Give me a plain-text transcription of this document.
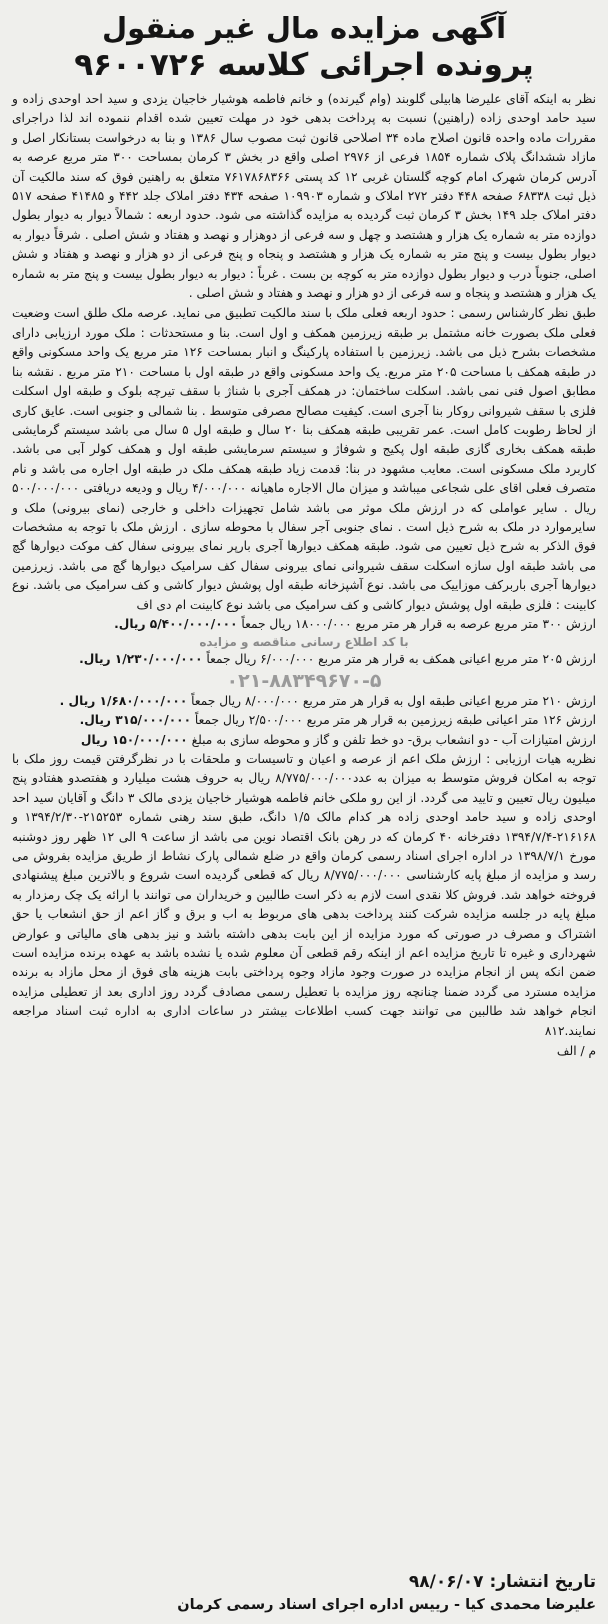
آگهی مزایده مال غیر منقول
پرونده اجرائی کلاسه ۹۶۰۰۷۲۶

نظر به اینکه آقای علیرضا هابیلی گلوبند (وام گیرنده) و خانم فاطمه هوشیار خاجیان یزدی و سید احد اوحدی زاده و سید حامد اوحدی زاده (راهنین) نسبت به پرداخت بدهی خود در مهلت تعیین شده اقدام ننموده اند لذا دراجرای مقررات ماده واحده قانون اصلاح ماده ۳۴ اصلاحی قانون ثبت مصوب سال ۱۳۸۶ و بنا به درخواست بستانکار اصل و مازاد ششدانگ پلاک شماره ۱۸۵۴ فرعی از ۲۹۷۶ اصلی واقع در بخش ۳ کرمان بمساحت ۳۰۰ متر مربع عرصه به آدرس کرمان شهرک امام کوچه گلستان غربی ۱۲ کد پستی ۷۶۱۷۸۶۸۳۶۶ متعلق به راهنین فوق که سند مالکیت آن ذیل ثبت ۶۸۳۳۸ صفحه ۴۴۸ دفتر ۲۷۲ املاک و شماره ۱۰۹۹۰۳ صفحه ۴۳۴ دفتر املاک جلد ۴۴۲ و ۴۱۴۸۵ صفحه ۵۱۷ دفتر املاک جلد ۱۴۹ بخش ۳ کرمان ثبت گردیده به مزایده گذاشته می شود. حدود اربعه : شمالاً دیوار به دیوار بطول دوازده متر به شماره یک هزار و هشتصد و چهل و سه فرعی از دوهزار و نهصد و هفتاد و شش اصلی . شرقاً دیوار به دیوار بطول بیست و پنج متر به شماره یک هزار و هشتصد و پنجاه و پنج فرعی از دو هزار و نهصد و هفتاد و شش اصلی، جنوباً درب و دیوار بطول دوازده متر به کوچه بن بست . غرباً : دیوار به دیوار بطول بیست و پنج متر به شماره یک هزار و هشتصد و پنجاه و سه فرعی از دو هزار و نهصد و هفتاد و شش اصلی .

طبق نظر کارشناس رسمی : حدود اربعه فعلی ملک با سند مالکیت تطبیق می نماید. عرصه ملک طلق است وضعیت فعلی ملک بصورت خانه مشتمل بر طبقه زیرزمین همکف و اول است. بنا و مستحدثات : ملک مورد ارزیابی دارای مشخصات بشرح ذیل می باشد. زیرزمین با استفاده پارکینگ و انبار بمساحت ۱۲۶ متر مربع یک واحد مسکونی واقع در طبقه همکف با مساحت ۲۰۵ متر مربع. یک واحد مسکونی واقع در طبقه اول با مساحت ۲۱۰ متر مربع . نقشه بنا مطابق اصول فنی نمی باشد. اسکلت ساختمان: در همکف آجری با شناژ با سقف تیرچه بلوک و طبقه اول اسکلت فلزی با سقف شیروانی روکار بنا آجری است. کیفیت مصالح مصرفی متوسط . بنا شمالی و جنوبی است. عایق کاری از لحاظ رطوبت کامل است. عمر تقریبی طبقه همکف بنا ۲۰ سال و طبقه اول ۵ سال می باشد سیستم گرمایشی طبقه همکف بخاری گازی طبقه اول پکیج و شوفاژ و سیستم سرمایشی طبقه اول و همکف کولر آبی می باشد. کاربرد ملک مسکونی است. معایب مشهود در بنا: قدمت زیاد طبقه همکف ملک در طبقه اول اجاره می باشد و نام متصرف فعلی اقای علی شجاعی میباشد و میزان مال الاجاره ماهیانه ۴/۰۰۰/۰۰۰ ریال و ودیعه دریافتی ۵۰۰/۰۰۰/۰۰۰ ریال . سایر عواملی که در ارزش ملک موثر می باشد شامل تجهیزات داخلی و خارجی (نمای بیرونی) ملک و سایرموارد در ملک به شرح ذیل است . نمای جنوبی آجر سفال با محوطه سازی . ارزش ملک با توجه به مشخصات فوق الذکر به شرح ذیل تعیین می شود. طبقه همکف دیوارها آجری بارپر نمای بیرونی سفال کف موکت دیوارها گچ می باشد طبقه اول سازه اسکلت سقف شیروانی نمای بیرونی سفال کف سرامیک دیوارها گچ می باشد. زیرزمین دیوارها آجری باربرکف موزاییک می باشد. نوع آشپزخانه طبقه اول پوشش دیوار کاشی و کف سرامیک می باشد. نوع کابینت : فلزی طبقه اول پوشش دیوار کاشی و کف سرامیک می باشد نوع کابینت ام دی اف

ارزش ۳۰۰ متر مربع عرصه به قرار هر متر مربع ۱۸۰۰۰/۰۰۰ ریال جمعاً ۵/۴۰۰/۰۰۰/۰۰۰ ریال.
با کد اطلاع رسانی مناقصه و مزایده
ارزش ۲۰۵ متر مربع اعیانی همکف به قرار هر متر مربع ۶/۰۰۰/۰۰۰ ریال جمعاً ۱/۲۳۰/۰۰۰/۰۰۰ ریال.
۰۲۱-۸۸۳۴۹۶۷۰-۵
ارزش ۲۱۰ متر مربع اعیانی طبقه اول به قرار هر متر مربع ۸/۰۰۰/۰۰۰ ریال جمعاً ۱/۶۸۰/۰۰۰/۰۰۰ ریال .
ارزش ۱۲۶ متر اعیانی طبقه زیرزمین به قرار هر متر مربع ۲/۵۰۰/۰۰۰ ریال جمعاً ۳۱۵/۰۰۰/۰۰۰ ریال.
ارزش امتیازات آب - دو انشعاب برق- دو خط تلفن و گاز و محوطه سازی به مبلغ ۱۵۰/۰۰۰/۰۰۰ ریال

نظریه هیات ارزیابی : ارزش ملک اعم از عرصه و اعیان و تاسیسات و ملحقات با در نظرگرفتن قیمت روز ملک با توجه به امکان فروش متوسط به میزان به عدد۸/۷۷۵/۰۰۰/۰۰۰ ریال به حروف هشت میلیارد و هفتصدو هفتادو پنج میلیون ریال تعیین و تایید می گردد. از این رو ملکی خانم فاطمه هوشیار خاجیان یزدی مالک ۳ دانگ و آقایان سید احد اوحدی زاده و سید حامد اوحدی زاده هر کدام مالک ۱/۵ دانگ، طبق سند رهنی شماره ۲۱۵۲۵۳-۱۳۹۴/۲/۳۰ و ۲۱۶۱۶۸-۱۳۹۴/۷/۴ دفترخانه ۴۰ کرمان که در رهن بانک اقتصاد نوین می باشد از ساعت ۹ الی ۱۲ ظهر روز دوشنبه مورخ ۱۳۹۸/۷/۱ در اداره اجرای اسناد رسمی کرمان واقع در ضلع شمالی پارک نشاط از طریق مزایده بفروش می رسد و مزایده از مبلغ پایه کارشناسی ۸/۷۷۵/۰۰۰/۰۰۰ ریال که قطعی گردیده است شروع و بالاترین مبلغ پیشنهادی فروخته خواهد شد. فروش کلا نقدی است لازم به ذکر است طالبین و خریداران می توانند با ارائه یک چک رمزدار به مبلغ پایه در جلسه مزایده شرکت کنند پرداخت بدهی های مربوط به اب و برق و گاز اعم از حق انشعاب یا حق اشتراک و مصرف در صورتی که مورد مزایده از این بابت بدهی داشته باشد و نیز بدهی های مالیاتی و عوارض شهرداری و غیره تا تاریخ مزایده اعم از اینکه رقم قطعی آن معلوم شده یا نشده باشد به عهده برنده مزایده است ضمن انکه پس از انجام مزایده در صورت وجود مازاد وجوه پرداختی بابت هزینه های فوق از محل مازاد به برنده مزایده مسترد می گردد ضمنا چنانچه روز مزایده با تعطیل رسمی مصادف گردد روز اداری بعد از تعطیلی مزایده انجام خواهد شد طالبین می توانند جهت کسب اطلاعات بیشتر در ساعات اداری به اداره ثبت اسناد مراجعه نمایند.۸۱۲

م / الف

تاریخ انتشار: ۹۸/۰۶/۰۷

علیرضا محمدی کیا - رییس اداره اجرای اسناد رسمی کرمان
